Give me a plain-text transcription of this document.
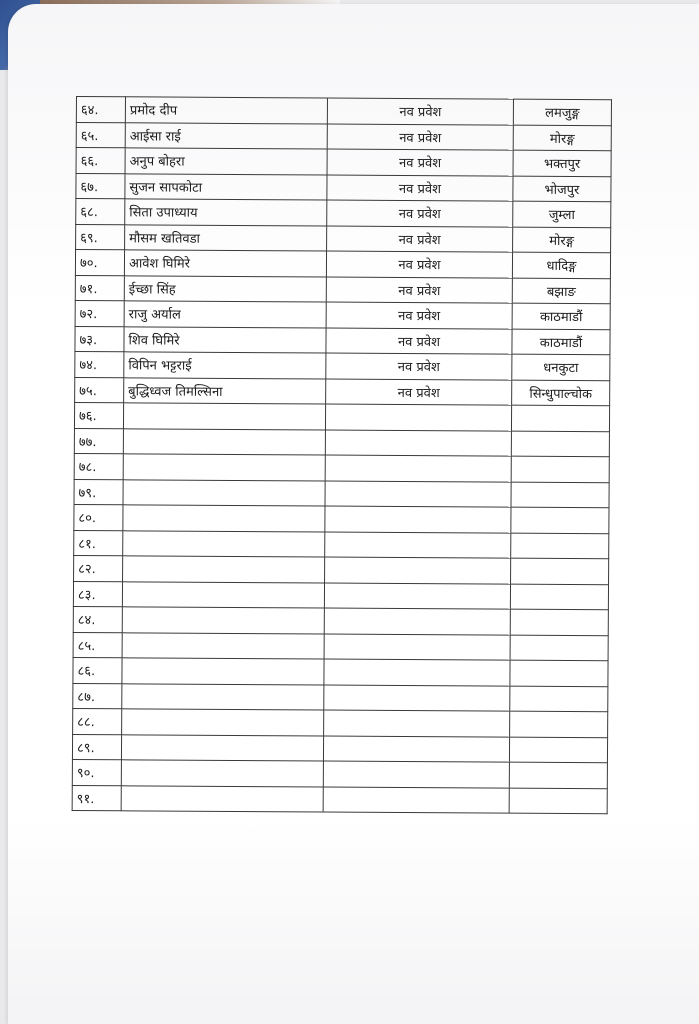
६४.	प्रमोद दीप	नव प्रवेश	लमजुङ्ग
६५.	आईसा राई	नव प्रवेश	मोरङ्ग
६६.	अनुप बोहरा	नव प्रवेश	भक्तपुर
६७.	सुजन सापकोटा	नव प्रवेश	भोजपुर
६८.	सिता उपाध्याय	नव प्रवेश	जुम्ला
६९.	मौसम खतिवडा	नव प्रवेश	मोरङ्ग
७०.	आवेश घिमिरे	नव प्रवेश	धादिङ्ग
७१.	ईच्छा सिंह	नव प्रवेश	बझाङ
७२.	राजु अर्याल	नव प्रवेश	काठमाडौं
७३.	शिव घिमिरे	नव प्रवेश	काठमाडौं
७४.	विपिन भट्टराई	नव प्रवेश	धनकुटा
७५.	बुद्धिध्वज तिमल्सिना	नव प्रवेश	सिन्धुपाल्चोक
७६.			
७७.			
७८.			
७९.			
८०.			
८१.			
८२.			
८३.			
८४.			
८५.			
८६.			
८७.			
८८.			
८९.			
९०.			
९१.			
